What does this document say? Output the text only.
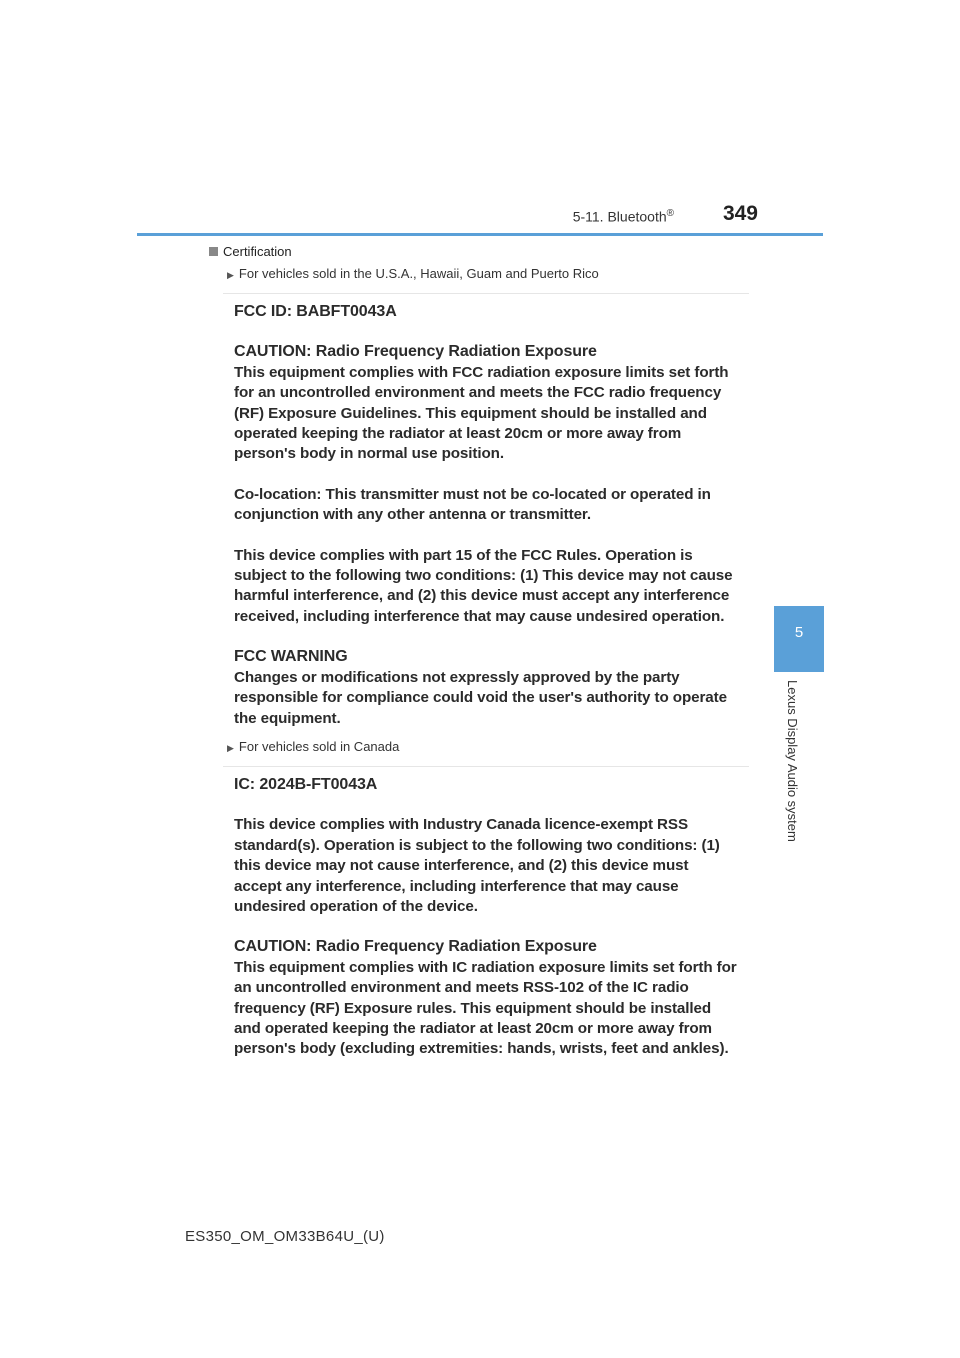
5-11. Bluetooth® 349
5
Lexus Display Audio system
Certification
▶ For vehicles sold in the U.S.A., Hawaii, Guam and Puerto Rico

FCC ID: BABFT0043A

CAUTION: Radio Frequency Radiation Exposure

This equipment complies with FCC radiation exposure limits set forth

for an uncontrolled environment and meets the FCC radio frequency

(RF) Exposure Guidelines. This equipment should be installed and

operated keeping the radiator at least 20cm or more away from

person's body in normal use position.

Co-location: This transmitter must not be co-located or operated in

conjunction with any other antenna or transmitter.

This device complies with part 15 of the FCC Rules. Operation is

subject to the following two conditions: (1) This device may not cause

harmful interference, and (2) this device must accept any interference

received, including interference that may cause undesired operation.

FCC WARNING

Changes or modifications not expressly approved by the party

responsible for compliance could void the user's authority to operate

the equipment.

▶ For vehicles sold in Canada

IC: 2024B-FT0043A

This device complies with Industry Canada licence-exempt RSS

standard(s). Operation is subject to the following two conditions: (1)

this device may not cause interference, and (2) this device must

accept any interference, including interference that may cause

undesired operation of the device.

CAUTION: Radio Frequency Radiation Exposure

This equipment complies with IC radiation exposure limits set forth for

an uncontrolled environment and meets RSS-102 of the IC radio

frequency (RF) Exposure rules. This equipment should be installed

and operated keeping the radiator at least 20cm or more away from

person's body (excluding extremities: hands, wrists, feet and ankles).

ES350_OM_OM33B64U_(U)
